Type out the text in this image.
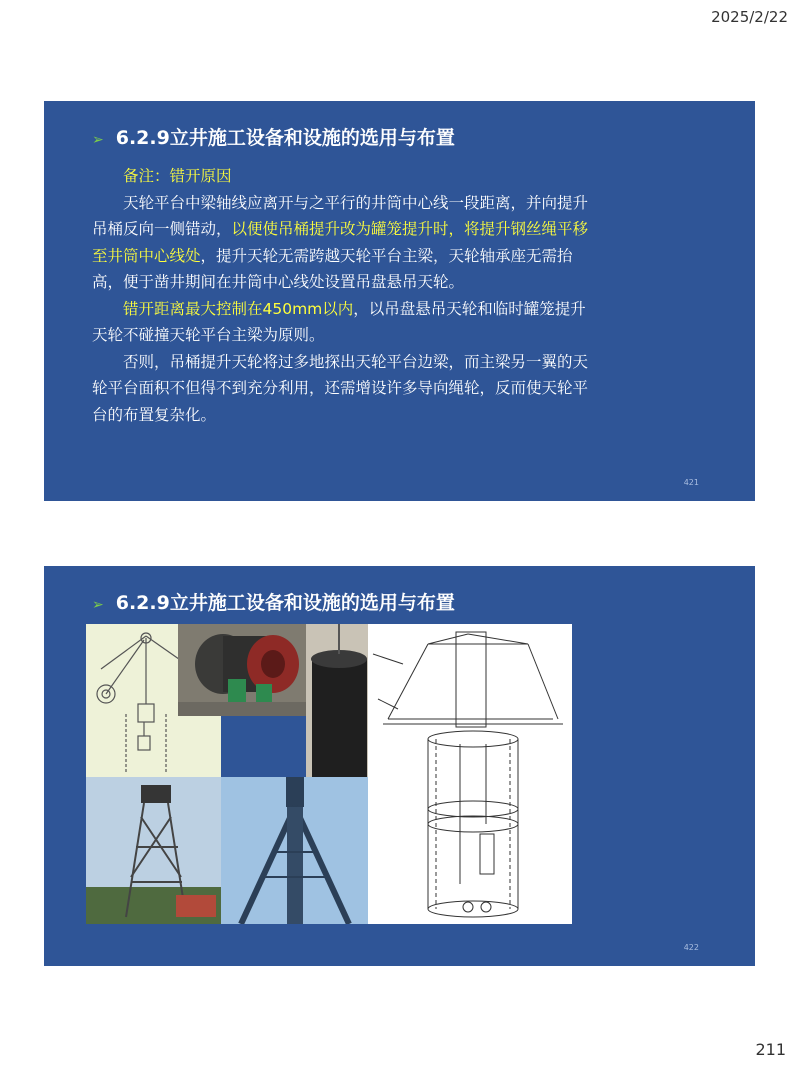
2025/2/22
➢ 6.2.9立井施工设备和设施的选用与布置

备注：错开原因

天轮平台中梁轴线应离开与之平行的井筒中心线一段距离，并向提升吊桶反向一侧错动，以便使吊桶提升改为罐笼提升时，将提升钢丝绳平移至井筒中心线处，提升天轮无需跨越天轮平台主梁，天轮轴承座无需抬高，便于凿井期间在井筒中心线处设置吊盘悬吊天轮。

错开距离最大控制在450mm以内，以吊盘悬吊天轮和临时罐笼提升天轮不碰撞天轮平台主梁为原则。

否则，吊桶提升天轮将过多地探出天轮平台边梁，而主梁另一翼的天轮平台面积不但得不到充分利用，还需增设许多导向绳轮，反而使天轮平台的布置复杂化。

421
➢ 6.2.9立井施工设备和设施的选用与布置
422
211
